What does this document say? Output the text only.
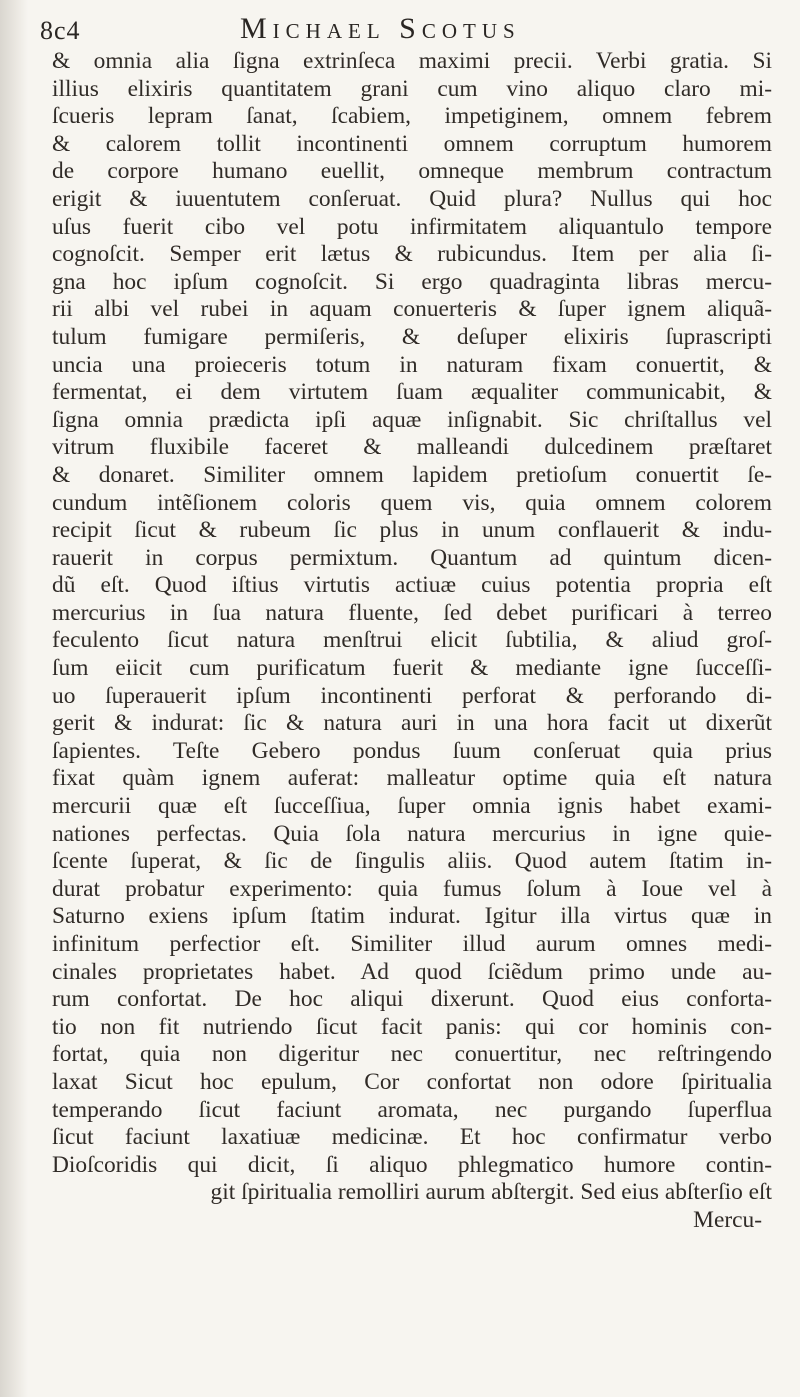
8c4	Michael Scotus
& omnia alia ſigna extrinſeca maximi precii. Verbi gratia. Si
illius elixiris quantitatem grani cum vino aliquo claro mi-
ſcueris lepram ſanat, ſcabiem, impetiginem, omnem febrem
& calorem tollit incontinenti omnem corruptum humorem
de corpore humano euellit, omneque membrum contractum
erigit & iuuentutem conſeruat. Quid plura? Nullus qui hoc
uſus fuerit cibo vel potu infirmitatem aliquantulo tempore
cognoſcit. Semper erit lætus & rubicundus. Item per alia ſi-
gna hoc ipſum cognoſcit. Si ergo quadraginta libras mercu-
rii albi vel rubei in aquam conuerteris & ſuper ignem aliquã-
tulum fumigare permiſeris, & deſuper elixiris ſuprascripti
uncia una proieceris totum in naturam fixam conuertit, &
fermentat, ei dem virtutem ſuam æqualiter communicabit, &
ſigna omnia prædicta ipſi aquæ inſignabit. Sic chriſtallus vel
vitrum fluxibile faceret & malleandi dulcedinem præſtaret
& donaret. Similiter omnem lapidem pretioſum conuertit ſe-
cundum intẽſionem coloris quem vis, quia omnem colorem
recipit ſicut & rubeum ſic plus in unum conflauerit & indu-
rauerit in corpus permixtum. Quantum ad quintum dicen-
dũ eſt. Quod iſtius virtutis actiuæ cuius potentia propria eſt
mercurius in ſua natura fluente, ſed debet purificari à terreo
feculento ſicut natura menſtrui elicit ſubtilia, & aliud groſ-
ſum eiicit cum purificatum fuerit & mediante igne ſucceſſi-
uo ſuperauerit ipſum incontinenti perforat & perforando di-
gerit & indurat: ſic & natura auri in una hora facit ut dixerũt
ſapientes. Teſte Gebero pondus ſuum conſeruat quia prius
fixat quàm ignem auferat: malleatur optime quia eſt natura
mercurii quæ eſt ſucceſſiua, ſuper omnia ignis habet exami-
nationes perfectas. Quia ſola natura mercurius in igne quie-
ſcente ſuperat, & ſic de ſingulis aliis. Quod autem ſtatim in-
durat probatur experimento: quia fumus ſolum à Ioue vel à
Saturno exiens ipſum ſtatim indurat. Igitur illa virtus quæ in
infinitum perfectior eſt. Similiter illud aurum omnes medi-
cinales proprietates habet. Ad quod ſciẽdum primo unde au-
rum confortat. De hoc aliqui dixerunt. Quod eius conforta-
tio non fit nutriendo ſicut facit panis: qui cor hominis con-
fortat, quia non digeritur nec conuertitur, nec reſtringendo
laxat Sicut hoc epulum, Cor confortat non odore ſpiritualia
temperando ſicut faciunt aromata, nec purgando ſuperflua
ſicut faciunt laxatiuæ medicinæ. Et hoc confirmatur verbo
Dioſcoridis qui dicit, ſi aliquo phlegmatico humore contin-
git ſpiritualia remolliri aurum abſtergit. Sed eius abſterſio eſt
Mercu-
